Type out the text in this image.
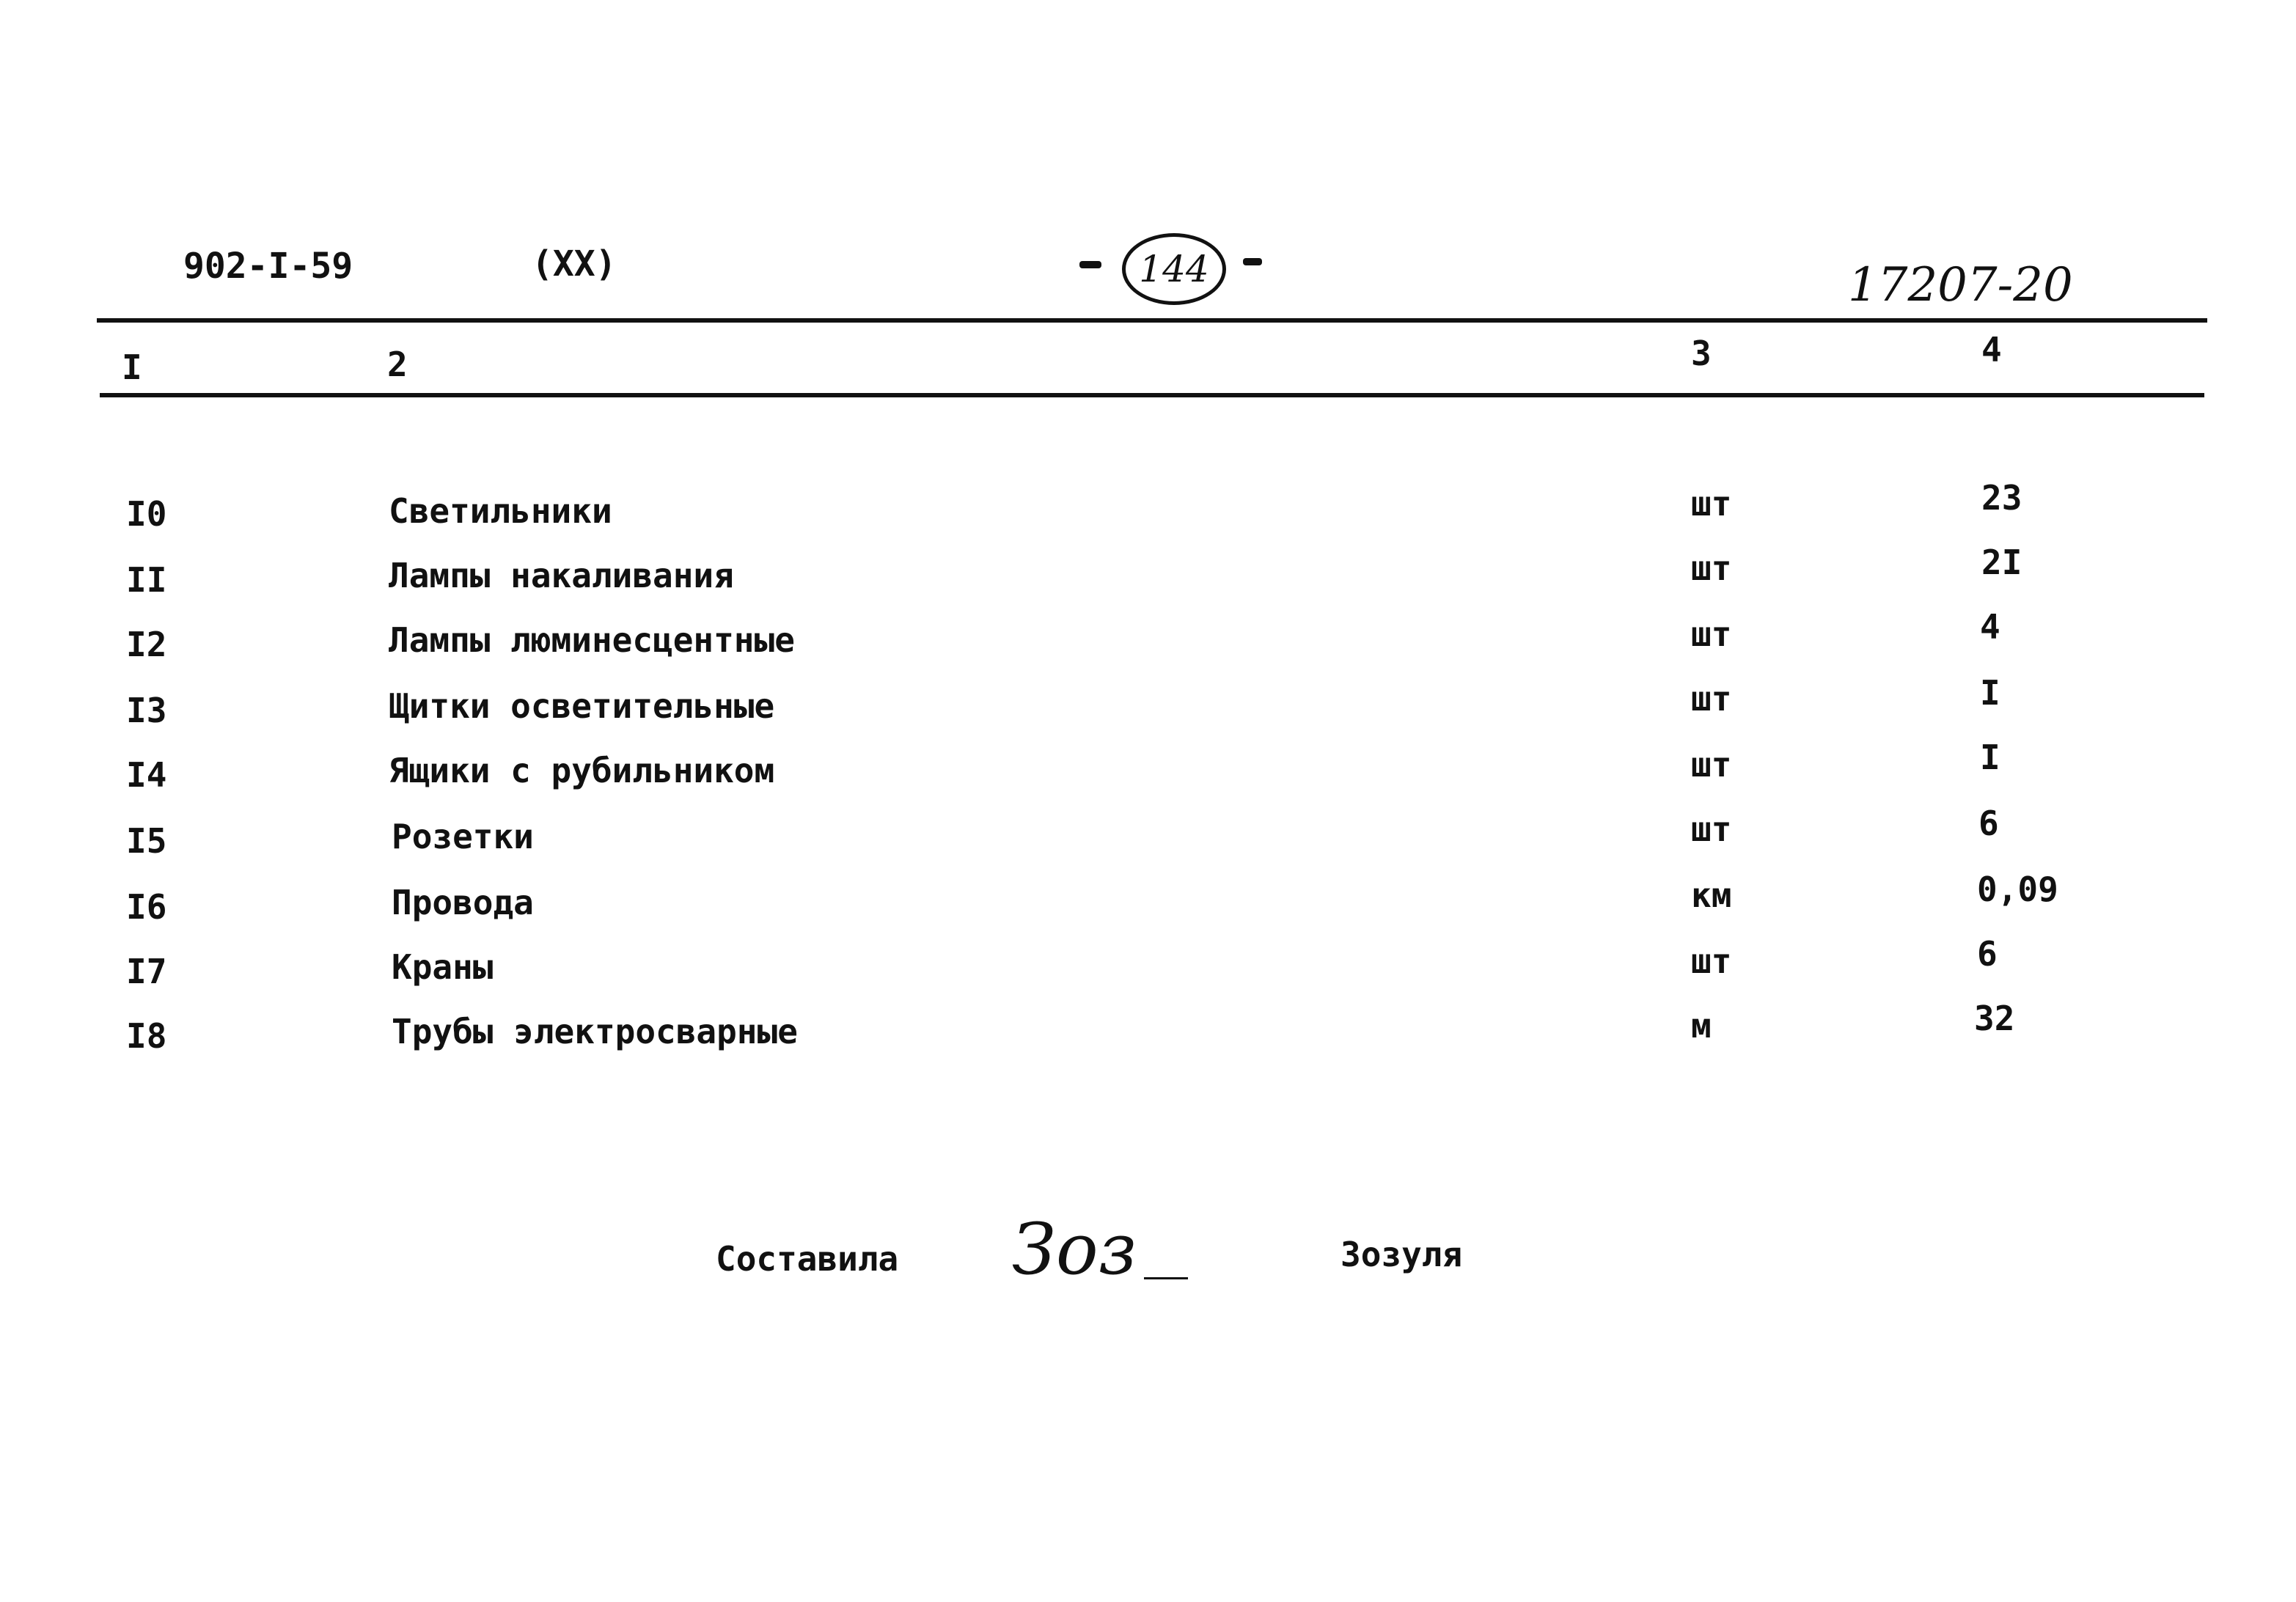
902-I-59	(XX)	144	17207-20
I	2	3	4
I0	Светильники	шт	23
II	Лампы накаливания	шт	2I
I2	Лампы люминесцентные	шт	4
I3	Щитки осветительные	шт	I
I4	Ящики с рубильником	шт	I
I5	Розетки	шт	6
I6	Провода	км	0,09
I7	Краны	шт	6
I8	Трубы электросварные	м	32
Составила Зоз	Зозуля
